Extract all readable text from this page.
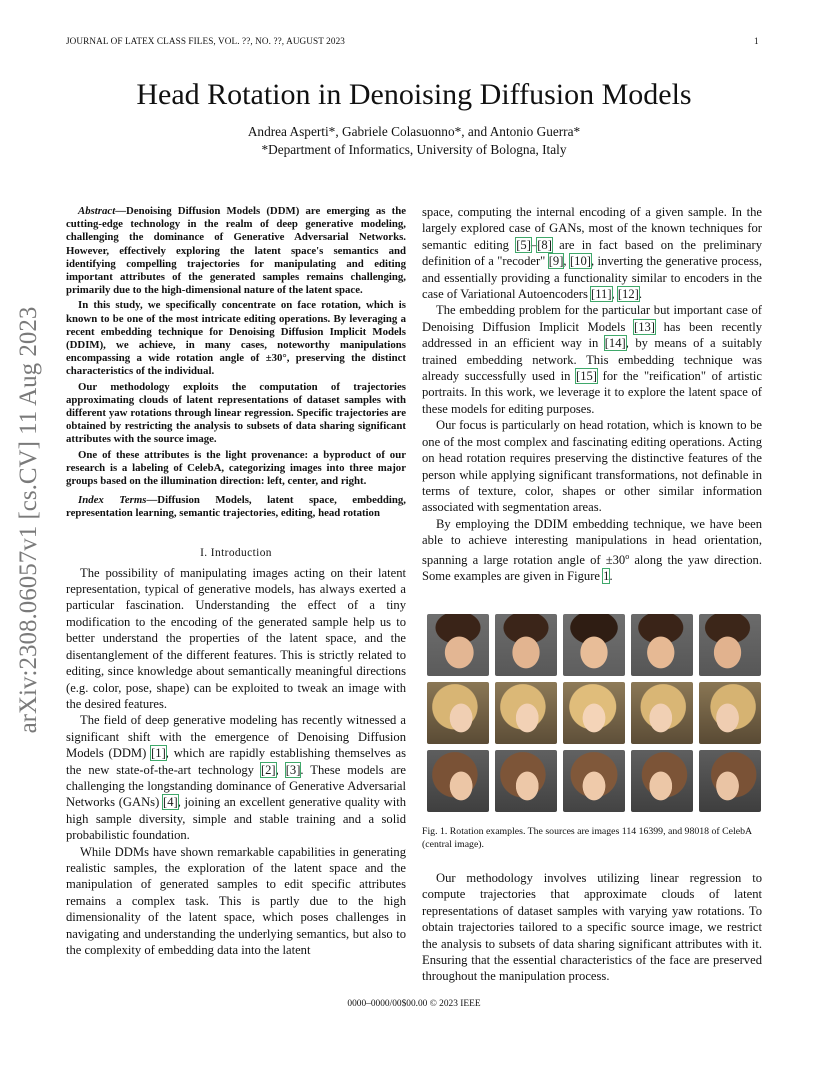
JOURNAL OF LATEX CLASS FILES, VOL. ??, NO. ??, AUGUST 2023	1
Head Rotation in Denoising Diffusion Models
Andrea Asperti*, Gabriele Colasuonno*, and Antonio Guerra*
*Department of Informatics, University of Bologna, Italy
arXiv:2308.06057v1 [cs.CV] 11 Aug 2023

Abstract—Denoising Diffusion Models (DDM) are emerging as the cutting-edge technology in the realm of deep generative modeling, challenging the dominance of Generative Adversarial Networks. However, effectively exploring the latent space's semantics and identifying compelling trajectories for manipulating and editing important attributes of the generated samples remains challenging, primarily due to the high-dimensional nature of the latent space.

In this study, we specifically concentrate on face rotation, which is known to be one of the most intricate editing operations. By leveraging a recent embedding technique for Denoising Diffusion Implicit Models (DDIM), we achieve, in many cases, noteworthy manipulations encompassing a wide rotation angle of ±30°, preserving the distinct characteristics of the individual.

Our methodology exploits the computation of trajectories approximating clouds of latent representations of dataset samples with different yaw rotations through linear regression. Specific trajectories are obtained by restricting the analysis to subsets of data sharing significant attributes with the source image.

One of these attributes is the light provenance: a byproduct of our research is a labeling of CelebA, categorizing images into three major groups based on the illumination direction: left, center, and right.

Index Terms—Diffusion Models, latent space, embedding, representation learning, semantic trajectories, editing, head rotation

I. Introduction

The possibility of manipulating images acting on their latent representation, typical of generative models, has always exerted a particular fascination. Understanding the effect of a tiny modification to the encoding of the generated sample help us to better understand the properties of the latent space, and the disentanglement of the different features. This is strictly related to editing, since knowledge about semantically meaningful directions (e.g. color, pose, shape) can be exploited to tweak an image with the desired features.

The field of deep generative modeling has recently witnessed a significant shift with the emergence of Denoising Diffusion Models (DDM) [1], which are rapidly establishing themselves as the new state-of-the-art technology [2], [3]. These models are challenging the longstanding dominance of Generative Adversarial Networks (GANs) [4], joining an excellent generative quality with high sample diversity, simple and stable training and a solid probabilistic foundation.

While DDMs have shown remarkable capabilities in generating realistic samples, the exploration of the latent space and the manipulation of generated samples to edit specific attributes remains a complex task. This is partly due to the high dimensionality of the latent space, which poses challenges in navigating and understanding the underlying semantics, but also to the complexity of embedding data into the latent

space, computing the internal encoding of a given sample. In the largely explored case of GANs, most of the known techniques for semantic editing [5]–[8] are in fact based on the preliminary definition of a "recoder" [9], [10], inverting the generative process, and essentially providing a functionality similar to encoders in the case of Variational Autoencoders [11], [12].

The embedding problem for the particular but important case of Denoising Diffusion Implicit Models [13] has been recently addressed in an efficient way in [14], by means of a suitably trained embedding network. This embedding technique was already successfully used in [15] for the "reification" of artistic portraits. In this work, we leverage it to explore the latent space of these models for editing purposes.

Our focus is particularly on head rotation, which is known to be one of the most complex and fascinating editing operations. Acting on head rotation requires preserving the distinctive features of the person while applying significant transformations, not definable in terms of texture, color, shapes or other similar information associated with segmentation areas.

By employing the DDIM embedding technique, we have been able to achieve interesting manipulations in head orientation, spanning a large rotation angle of $\pm 30^o$ along the yaw direction. Some examples are given in Figure 1.

Fig. 1. Rotation examples. The sources are images 114 16399, and 98018 of CelebA (central image).

Our methodology involves utilizing linear regression to compute trajectories that approximate clouds of latent representations of dataset samples with varying yaw rotations. To obtain trajectories tailored to a specific source image, we restrict the analysis to subsets of data sharing significant attributes with it. Ensuring that the essential characteristics of the face are preserved throughout the manipulation process.

0000–0000/00$00.00 © 2023 IEEE
